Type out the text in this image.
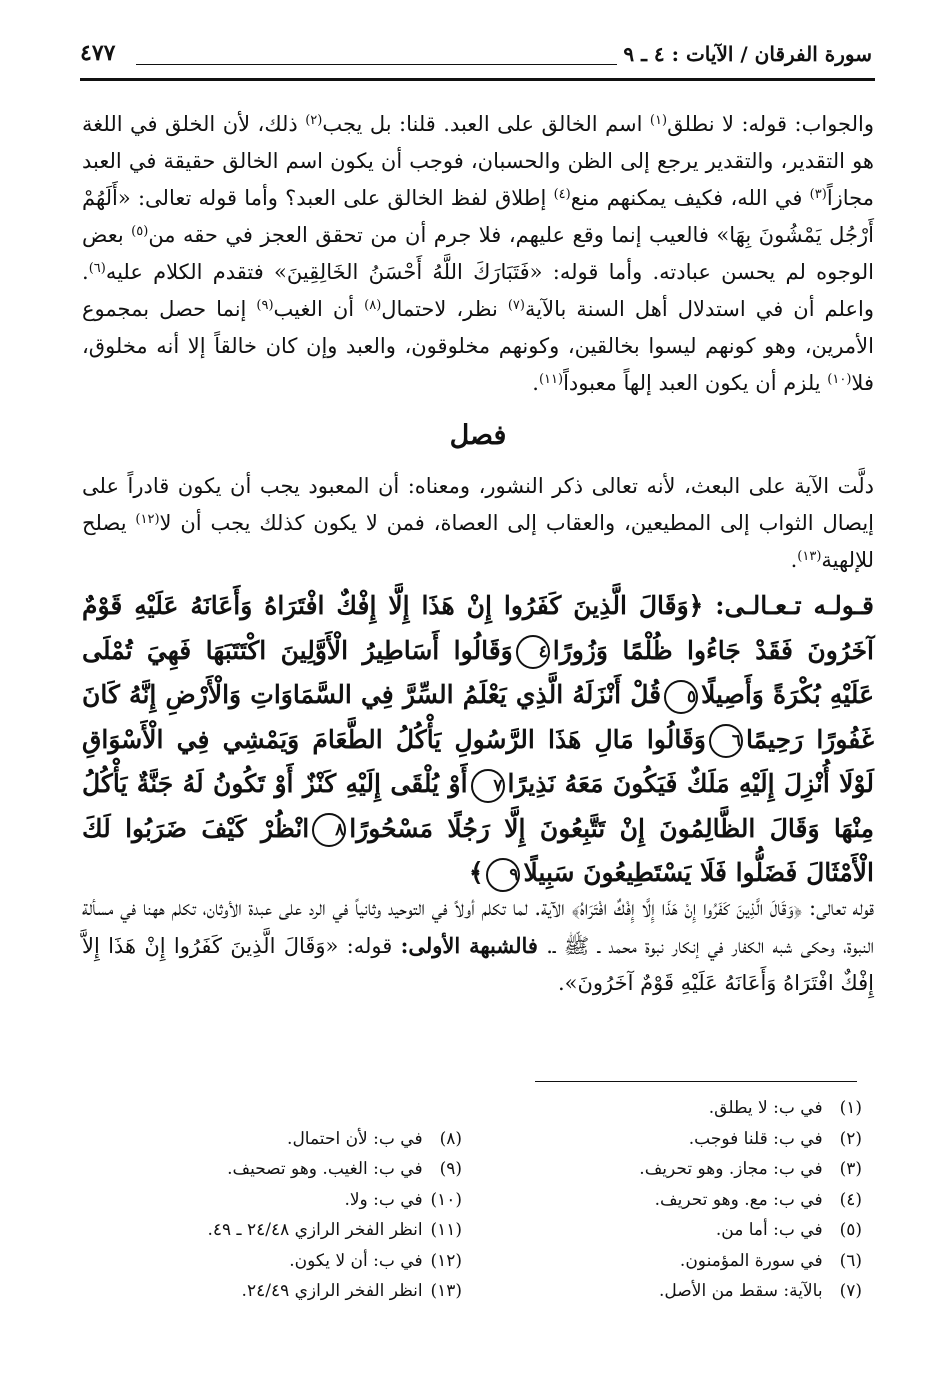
سورة الفرقان / الآيات : ٤ ـ ٩
٤٧٧
والجواب: قوله: لا نطلق$^{(١)}$ اسم الخالق على العبد. قلنا: بل يجب$^{(٢)}$ ذلك، لأن الخلق في اللغة هو التقدير، والتقدير يرجع إلى الظن والحسبان، فوجب أن يكون اسم الخالق حقيقة في العبد مجازاً$^{(٣)}$ في الله، فكيف يمكنهم منع$^{(٤)}$ إطلاق لفظ الخالق على العبد؟ وأما قوله تعالى: «أَلَهُمْ أَرْجُل يَمْشُونَ بِهَا» فالعيب إنما وقع عليهم، فلا جرم أن من تحقق العجز في حقه من$^{(٥)}$ بعض الوجوه لم يحسن عبادته. وأما قوله: «فَتَبَارَكَ اللَّهُ أَحْسَنُ الخَالِقِينَ» فتقدم الكلام عليه$^{(٦)}$. واعلم أن في استدلال أهل السنة بالآية$^{(٧)}$ نظر، لاحتمال$^{(٨)}$ أن الغيب$^{(٩)}$ إنما حصل بمجموع الأمرين، وهو كونهم ليسوا بخالقين، وكونهم مخلوقون، والعبد وإن كان خالقاً إلا أنه مخلوق، فلا$^{(١٠)}$ يلزم أن يكون العبد إلهاً معبوداً$^{(١١)}$.
فصل
دلَّت الآية على البعث، لأنه تعالى ذكر النشور، ومعناه: أن المعبود يجب أن يكون قادراً على إيصال الثواب إلى المطيعين، والعقاب إلى العصاة، فمن لا يكون كذلك يجب أن لا$^{(١٢)}$ يصلح للإلهية$^{(١٣)}$.
قـولـه تـعـالـى: ﴿وَقَالَ الَّذِينَ كَفَرُوا إِنْ هَذَا إِلَّا إِفْكٌ افْتَرَاهُ وَأَعَانَهُ عَلَيْهِ قَوْمٌ آخَرُونَ فَقَدْ جَاءُوا ظُلْمًا وَزُورًا٤وَقَالُوا أَسَاطِيرُ الْأَوَّلِينَ اكْتَتَبَهَا فَهِيَ تُمْلَى عَلَيْهِ بُكْرَةً وَأَصِيلًا٥قُلْ أَنْزَلَهُ الَّذِي يَعْلَمُ السِّرَّ فِي السَّمَاوَاتِ وَالْأَرْضِ إِنَّهُ كَانَ غَفُورًا رَحِيمًا٦وَقَالُوا مَالِ هَذَا الرَّسُولِ يَأْكُلُ الطَّعَامَ وَيَمْشِي فِي الْأَسْوَاقِ لَوْلَا أُنْزِلَ إِلَيْهِ مَلَكٌ فَيَكُونَ مَعَهُ نَذِيرًا٧أَوْ يُلْقَى إِلَيْهِ كَنْزٌ أَوْ تَكُونُ لَهُ جَنَّةٌ يَأْكُلُ مِنْهَا وَقَالَ الظَّالِمُونَ إِنْ تَتَّبِعُونَ إِلَّا رَجُلًا مَسْحُورًا٨انْظُرْ كَيْفَ ضَرَبُوا لَكَ الْأَمْثَالَ فَضَلُّوا فَلَا يَسْتَطِيعُونَ سَبِيلًا٩﴾
قوله تعالى: ﴿وَقَالَ الَّذِينَ كَفَرُوا إِنْ هَذَا إِلَّا إِفْكٌ افْتَرَاهُ﴾ الآية. لما تكلم أولاً في التوحيد وثانياً في الرد على عبدة الأوثان، تكلم ههنا في مسألة النبوة، وحكى شبه الكفار في إنكار نبوة محمد ـ ﷺ ـ. فالشبهة الأولى: قوله: «وَقَالَ الَّذِينَ كَفَرُوا إِنْ هَذَا إِلاَّ إِفْكٌ افْتَرَاهُ وَأَعَانَهُ عَلَيْهِ قَوْمٌ آخَرُونَ».
(١) في ب: لا يطلق.
(٢) في ب: قلنا فوجب.
(٣) في ب: مجاز. وهو تحريف.
(٤) في ب: مع. وهو تحريف.
(٥) في ب: أما من.
(٦) في سورة المؤمنون.
(٧) بالآية: سقط من الأصل.
(٨) في ب: لأن احتمال.
(٩) في ب: الغيب. وهو تصحيف.
(١٠) في ب: ولا.
(١١) انظر الفخر الرازي ٢٤/٤٨ ـ ٤٩.
(١٢) في ب: أن لا يكون.
(١٣) انظر الفخر الرازي ٢٤/٤٩.
